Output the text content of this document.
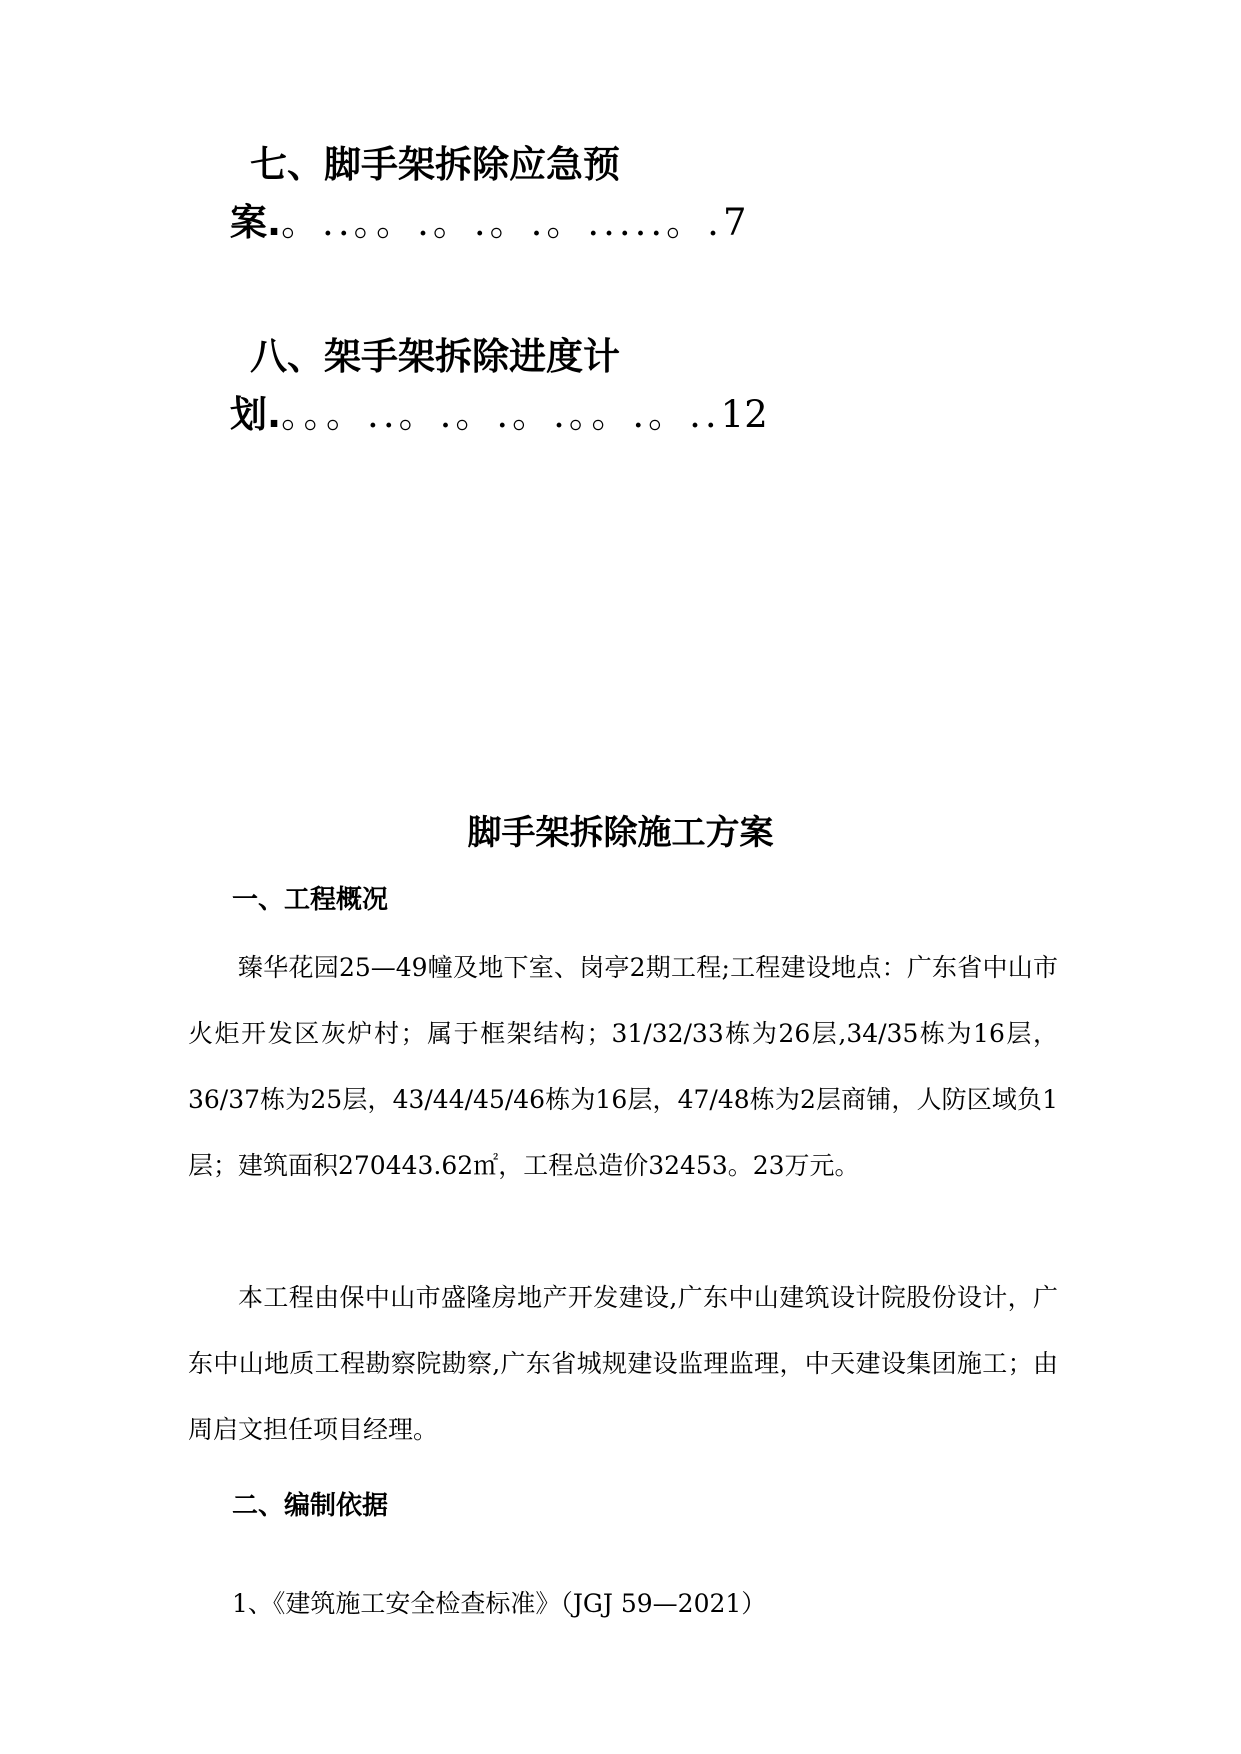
七、脚手架拆除应急预
案.。..。。.。.。.。.....。.7
八、架手架拆除进度计
划.。。。..。.。.。.。。.。..12
脚手架拆除施工方案
一、工程概况

臻华花园25—49幢及地下室、岗亭2期工程;工程建设地点：广东省中山市火炬开发区灰炉村；属于框架结构；31/32/33栋为26层,34/35栋为16层，36/37栋为25层，43/44/45/46栋为16层，47/48栋为2层商铺，人防区域负1层；建筑面积270443.62㎡，工程总造价32453。23万元。

本工程由保中山市盛隆房地产开发建设,广东中山建筑设计院股份设计，广东中山地质工程勘察院勘察,广东省城规建设监理监理，中天建设集团施工；由周启文担任项目经理。

二、编制依据
1、《建筑施工安全检查标准》（JGJ 59—2021）
